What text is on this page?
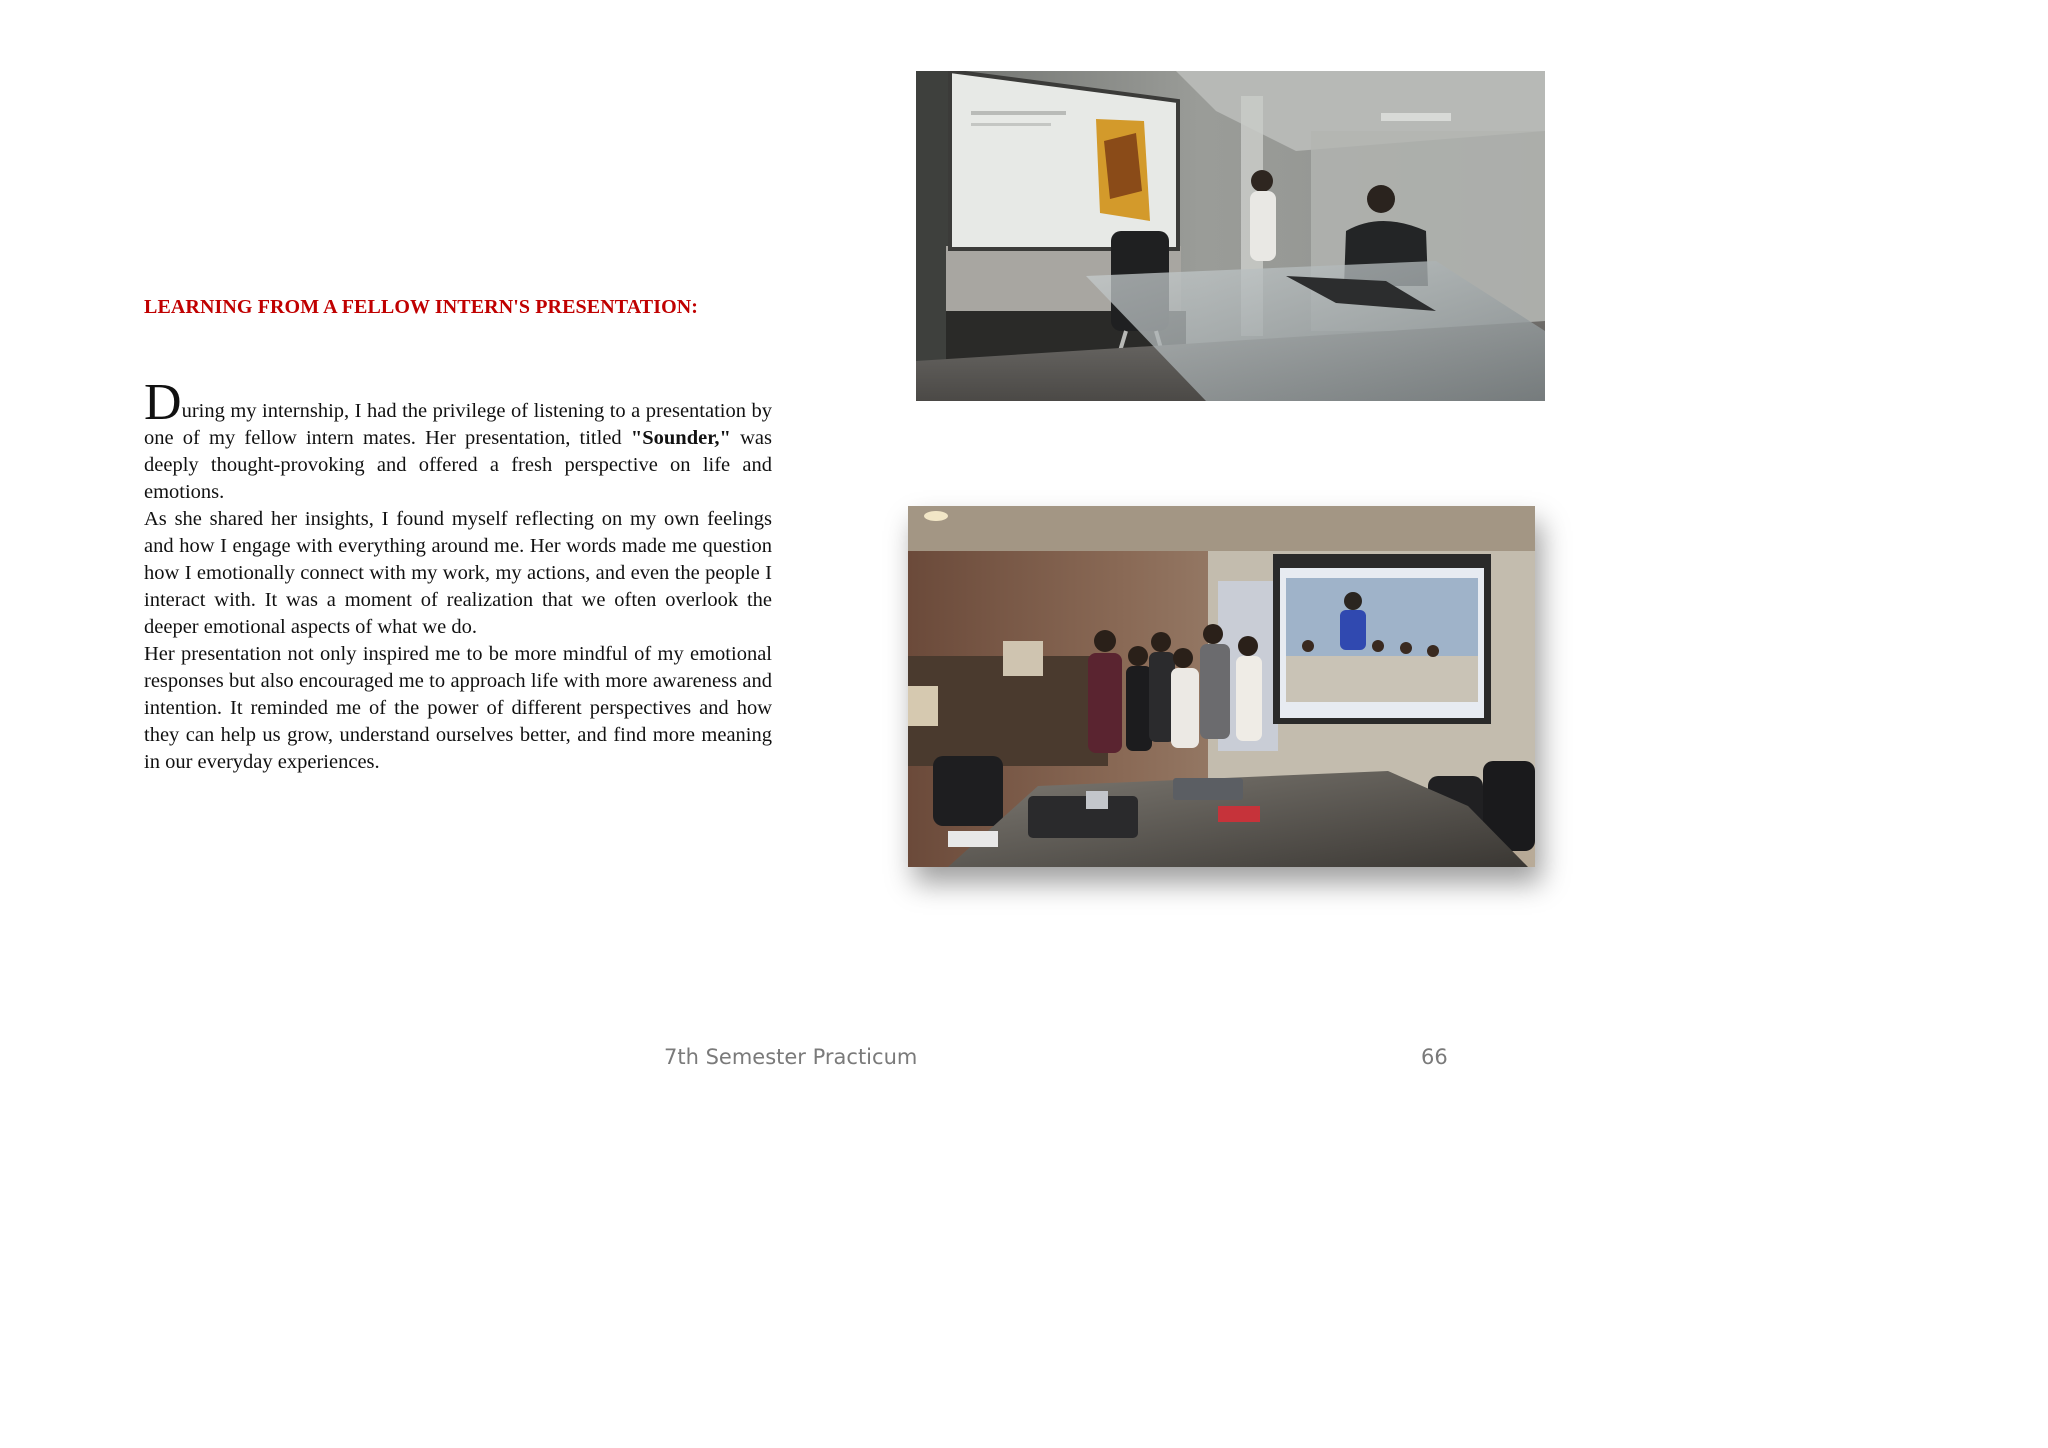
LEARNING FROM A FELLOW INTERN'S PRESENTATION:

During my internship, I had the privilege of listening to a presentation by one of my fellow intern mates. Her presentation, titled "Sounder," was deeply thought-provoking and offered a fresh perspective on life and emotions.

As she shared her insights, I found myself reflecting on my own feelings and how I engage with everything around me. Her words made me question how I emotionally connect with my work, my actions, and even the people I interact with. It was a moment of realization that we often overlook the deeper emotional aspects of what we do.

Her presentation not only inspired me to be more mindful of my emotional responses but also encouraged me to approach life with more awareness and intention. It reminded me of the power of different perspectives and how they can help us grow, understand ourselves better, and find more meaning in our everyday experiences.

7th Semester Practicum	66
